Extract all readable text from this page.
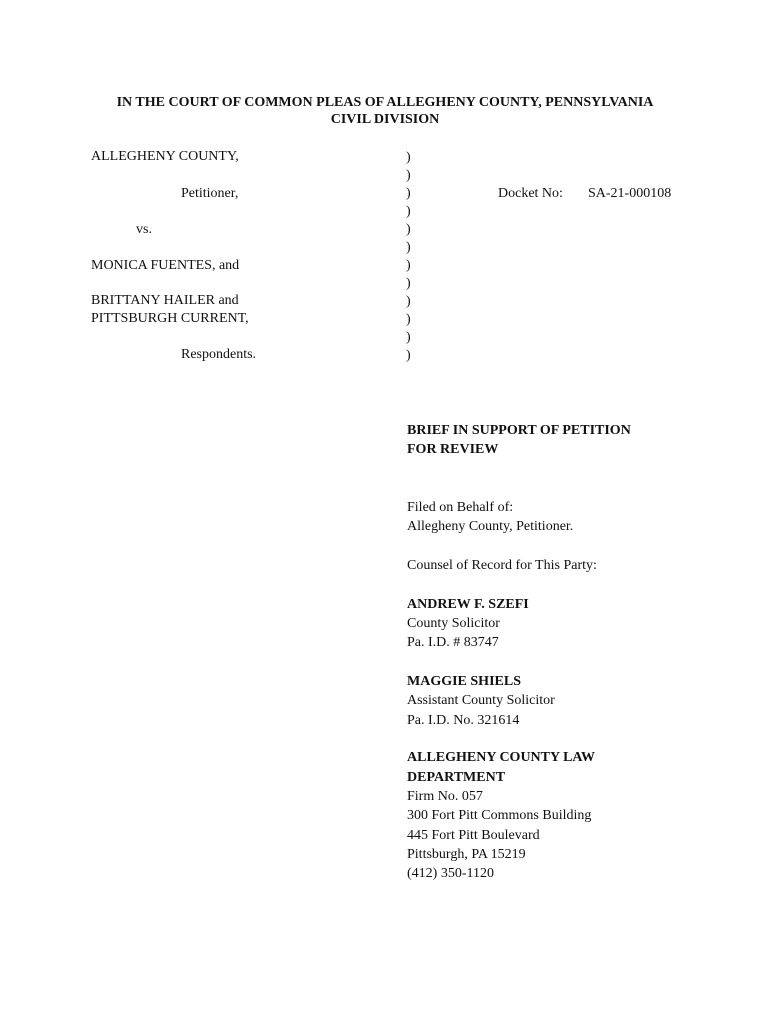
IN THE COURT OF COMMON PLEAS OF ALLEGHENY COUNTY, PENNSYLVANIA
CIVIL DIVISION
ALLEGHENY COUNTY,
Petitioner,
vs.
MONICA FUENTES, and
BRITTANY HAILER and
PITTSBURGH CURRENT,
Respondents.
)
)
)
)
)
)
)
)
)
)
)
)
Docket No: SA-21-000108
BRIEF IN SUPPORT OF PETITION
FOR REVIEW
Filed on Behalf of:
Allegheny County, Petitioner.
Counsel of Record for This Party:
ANDREW F. SZEFI
County Solicitor
Pa. I.D. # 83747
MAGGIE SHIELS
Assistant County Solicitor
Pa. I.D. No. 321614
ALLEGHENY COUNTY LAW
DEPARTMENT
Firm No. 057
300 Fort Pitt Commons Building
445 Fort Pitt Boulevard
Pittsburgh, PA 15219
(412) 350-1120
